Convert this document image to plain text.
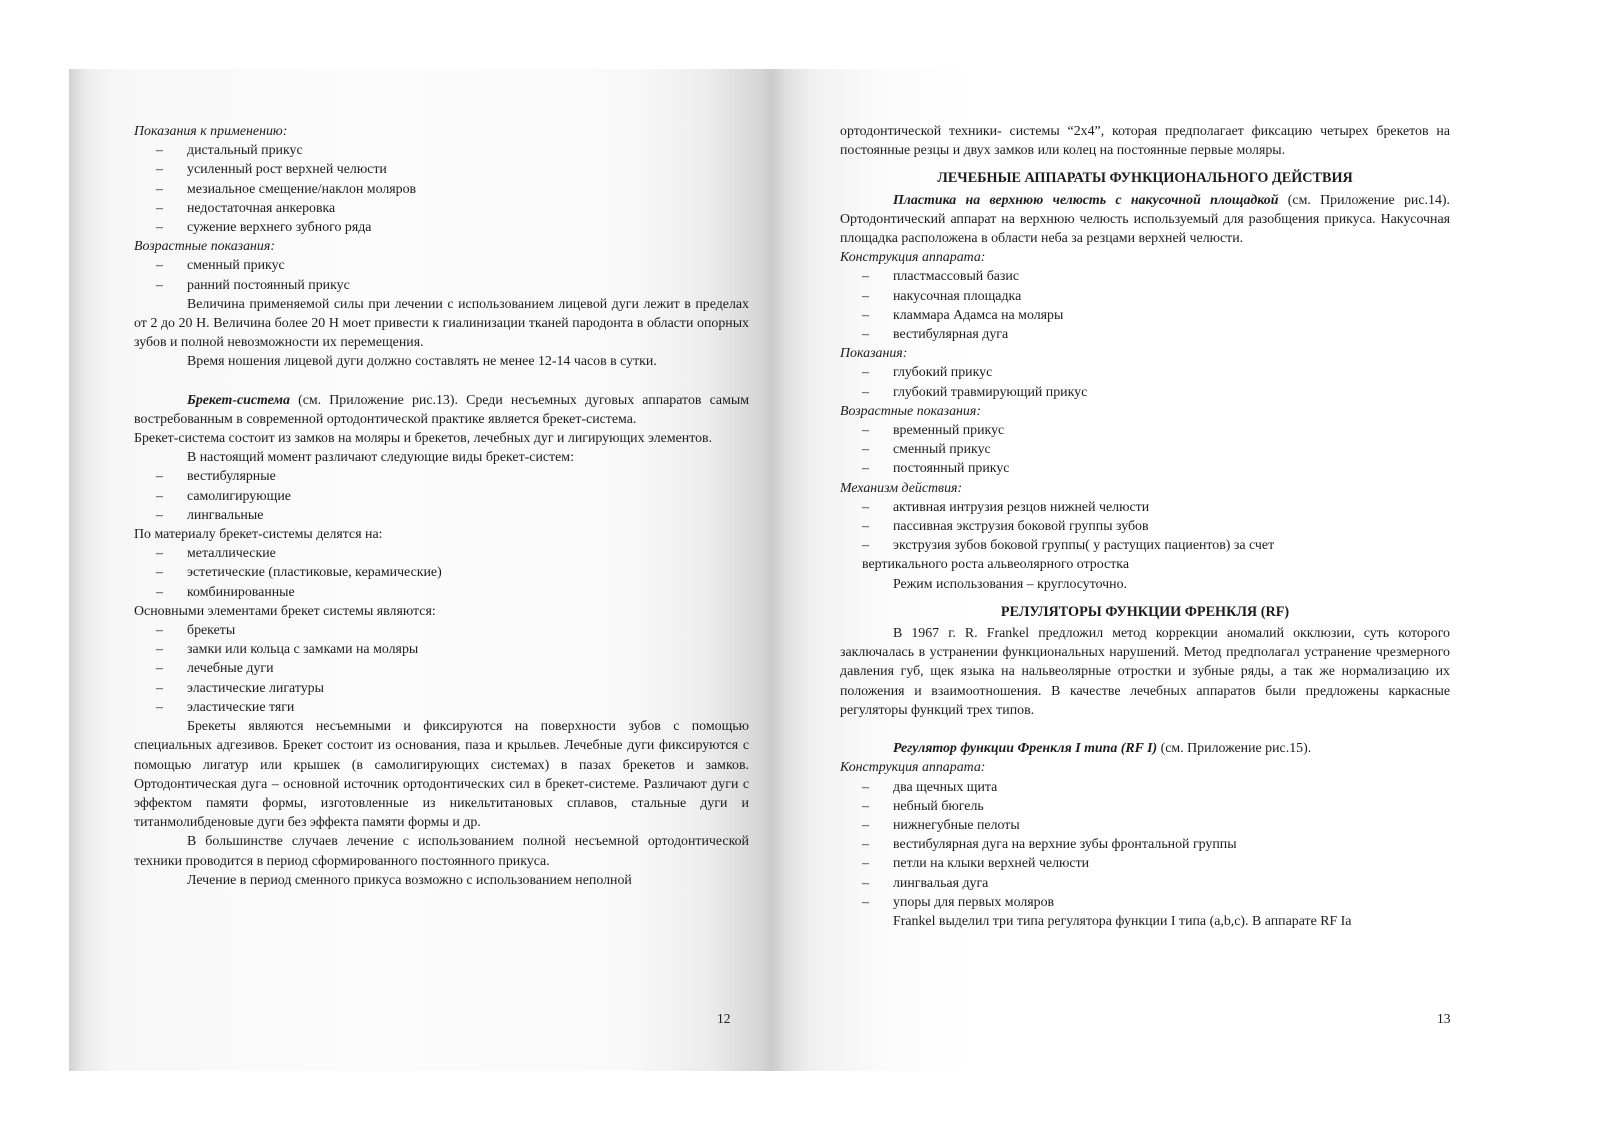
Показания к применению:

– дистальный прикус
– усиленный рост верхней челюсти
– мезиальное смещение/наклон моляров
– недостаточная анкеровка
– сужение верхнего зубного ряда

Возрастные показания:

– сменный прикус
– ранний постоянный прикус

Величина применяемой силы при лечении с использованием лицевой дуги лежит в пределах от 2 до 20 Н. Величина более 20 Н моет привести к гиалинизации тканей пародонта в области опорных зубов и полной невозможности их перемещения.

Время ношения лицевой дуги должно составлять не менее 12-14 часов в сутки.

Брекет-система (см. Приложение рис.13). Среди несъемных дуговых аппаратов самым востребованным в современной ортодонтической практике является брекет-система.

Брекет-система состоит из замков на моляры и брекетов, лечебных дуг и лигирующих элементов.

В настоящий момент различают следующие виды брекет-систем:

– вестибулярные
– самолигирующие
– лингвальные

По материалу брекет-системы делятся на:

– металлические
– эстетические (пластиковые, керамические)
– комбинированные

Основными элементами брекет системы являются:

– брекеты
– замки или кольца с замками на моляры
– лечебные дуги
– эластические лигатуры
– эластические тяги

Брекеты являются несъемными и фиксируются на поверхности зубов с помощью специальных адгезивов. Брекет состоит из основания, паза и крыльев. Лечебные дуги фиксируются с помощью лигатур или крышек (в самолигирующих системах) в пазах брекетов и замков. Ортодонтическая дуга – основной источник ортодонтических сил в брекет-системе. Различают дуги с эффектом памяти формы, изготовленные из никельтитановых сплавов, стальные дуги и титанмолибденовые дуги без эффекта памяти формы и др.

В большинстве случаев лечение с использованием полной несъемной ортодонтической техники проводится в период сформированного постоянного прикуса.

Лечение в период сменного прикуса возможно с использованием неполной

12

ортодонтической техники- системы “2х4”, которая предполагает фиксацию четырех брекетов на постоянные резцы и двух замков или колец на постоянные первые моляры.

ЛЕЧЕБНЫЕ АППАРАТЫ ФУНКЦИОНАЛЬНОГО ДЕЙСТВИЯ

Пластика на верхнюю челюсть с накусочной площадкой (см. Приложение рис.14). Ортодонтический аппарат на верхнюю челюсть используемый для разобщения прикуса. Накусочная площадка расположена в области неба за резцами верхней челюсти.

Конструкция аппарата:

– пластмассовый базис
– накусочная площадка
– кламмара Адамса на моляры
– вестибулярная дуга

Показания:

– глубокий прикус
– глубокий травмирующий прикус

Возрастные показания:

– временный прикус
– сменный прикус
– постоянный прикус

Механизм действия:

– активная интрузия резцов нижней челюсти
– пассивная экструзия боковой группы зубов
– экструзия зубов боковой группы( у растущих пациентов) за счет

вертикального роста альвеолярного отростка

Режим использования – круглосуточно.

РЕЛУЛЯТОРЫ ФУНКЦИИ ФРЕНКЛЯ (RF)

В 1967 г. R. Frankel предложил метод коррекции аномалий окклюзии, суть которого заключалась в устранении функциональных нарушений. Метод предполагал устранение чрезмерного давления губ, щек языка на нальвеолярные отростки и зубные ряды, а так же нормализацию их положения и взаимоотношения. В качестве лечебных аппаратов были предложены каркасные регуляторы функций трех типов.

Регулятор функции Френкля I типа (RF I) (см. Приложение рис.15).

Конструкция аппарата:

– два щечных щита
– небный бюгель
– нижнегубные пелоты
– вестибулярная дуга на верхние зубы фронтальной группы
– петли на клыки верхней челюсти
– лингвальая дуга
– упоры для первых моляров

Frankel выделил три типа регулятора функции I типа (a,b,c). В аппарате RF Ia

13
